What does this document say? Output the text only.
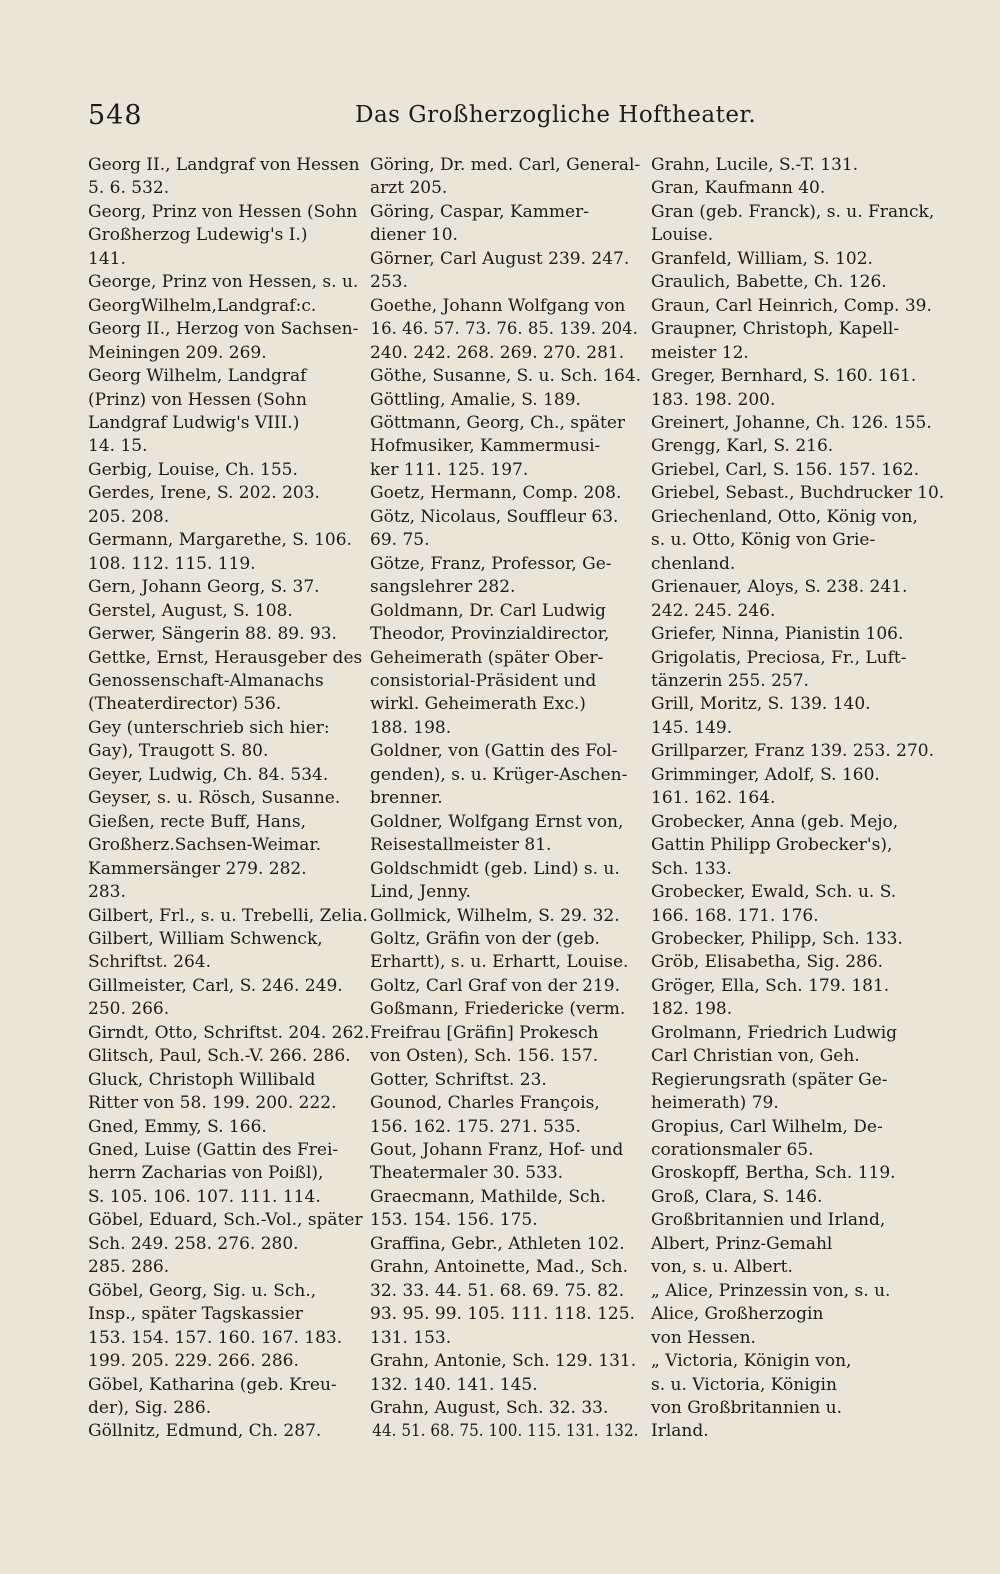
548	Das Großherzogliche Hoftheater.
Georg II., Landgraf von Hessen
5. 6. 532.
Georg, Prinz von Hessen (Sohn
Großherzog Ludewig's I.)
141.
George, Prinz von Hessen, s. u.
GeorgWilhelm,Landgraf:c.
Georg II., Herzog von Sachsen-
Meiningen 209. 269.
Georg Wilhelm, Landgraf
(Prinz) von Hessen (Sohn
Landgraf Ludwig's VIII.)
14. 15.
Gerbig, Louise, Ch. 155.
Gerdes, Irene, S. 202. 203.
205. 208.
Germann, Margarethe, S. 106.
108. 112. 115. 119.
Gern, Johann Georg, S. 37.
Gerstel, August, S. 108.
Gerwer, Sängerin 88. 89. 93.
Gettke, Ernst, Herausgeber des
Genossenschaft-Almanachs
(Theaterdirector) 536.
Gey (unterschrieb sich hier:
Gay), Traugott S. 80.
Geyer, Ludwig, Ch. 84. 534.
Geyser, s. u. Rösch, Susanne.
Gießen, recte Buff, Hans,
Großherz.Sachsen-Weimar.
Kammersänger 279. 282.
283.
Gilbert, Frl., s. u. Trebelli, Zelia.
Gilbert, William Schwenck,
Schriftst. 264.
Gillmeister, Carl, S. 246. 249.
250. 266.
Girndt, Otto, Schriftst. 204. 262.
Glitsch, Paul, Sch.-V. 266. 286.
Gluck, Christoph Willibald
Ritter von 58. 199. 200. 222.
Gned, Emmy, S. 166.
Gned, Luise (Gattin des Frei-
herrn Zacharias von Poißl),
S. 105. 106. 107. 111. 114.
Göbel, Eduard, Sch.-Vol., später
Sch. 249. 258. 276. 280.
285. 286.
Göbel, Georg, Sig. u. Sch.,
Insp., später Tagskassier
153. 154. 157. 160. 167. 183.
199. 205. 229. 266. 286.
Göbel, Katharina (geb. Kreu-
der), Sig. 286.
Göllnitz, Edmund, Ch. 287.
Göring, Dr. med. Carl, General-
arzt 205.
Göring, Caspar, Kammer-
diener 10.
Görner, Carl August 239. 247.
253.
Goethe, Johann Wolfgang von
16. 46. 57. 73. 76. 85. 139. 204.
240. 242. 268. 269. 270. 281.
Göthe, Susanne, S. u. Sch. 164.
Göttling, Amalie, S. 189.
Göttmann, Georg, Ch., später
Hofmusiker, Kammermusi-
ker 111. 125. 197.
Goetz, Hermann, Comp. 208.
Götz, Nicolaus, Souffleur 63.
69. 75.
Götze, Franz, Professor, Ge-
sangslehrer 282.
Goldmann, Dr. Carl Ludwig
Theodor, Provinzialdirector,
Geheimerath (später Ober-
consistorial-Präsident und
wirkl. Geheimerath Exc.)
188. 198.
Goldner, von (Gattin des Fol-
genden), s. u. Krüger-Aschen-
brenner.
Goldner, Wolfgang Ernst von,
Reisestallmeister 81.
Goldschmidt (geb. Lind) s. u.
Lind, Jenny.
Gollmick, Wilhelm, S. 29. 32.
Goltz, Gräfin von der (geb.
Erhartt), s. u. Erhartt, Louise.
Goltz, Carl Graf von der 219.
Goßmann, Friedericke (verm.
Freifrau [Gräfin] Prokesch
von Osten), Sch. 156. 157.
Gotter, Schriftst. 23.
Gounod, Charles François,
156. 162. 175. 271. 535.
Gout, Johann Franz, Hof- und
Theatermaler 30. 533.
Graecmann, Mathilde, Sch.
153. 154. 156. 175.
Graffina, Gebr., Athleten 102.
Grahn, Antoinette, Mad., Sch.
32. 33. 44. 51. 68. 69. 75. 82.
93. 95. 99. 105. 111. 118. 125.
131. 153.
Grahn, Antonie, Sch. 129. 131.
132. 140. 141. 145.
Grahn, August, Sch. 32. 33.
44. 51. 68. 75. 100. 115. 131. 132.
Grahn, Lucile, S.-T. 131.
Gran, Kaufmann 40.
Gran (geb. Franck), s. u. Franck,
Louise.
Granfeld, William, S. 102.
Graulich, Babette, Ch. 126.
Graun, Carl Heinrich, Comp. 39.
Graupner, Christoph, Kapell-
meister 12.
Greger, Bernhard, S. 160. 161.
183. 198. 200.
Greinert, Johanne, Ch. 126. 155.
Grengg, Karl, S. 216.
Griebel, Carl, S. 156. 157. 162.
Griebel, Sebast., Buchdrucker 10.
Griechenland, Otto, König von,
s. u. Otto, König von Grie-
chenland.
Grienauer, Aloys, S. 238. 241.
242. 245. 246.
Griefer, Ninna, Pianistin 106.
Grigolatis, Preciosa, Fr., Luft-
tänzerin 255. 257.
Grill, Moritz, S. 139. 140.
145. 149.
Grillparzer, Franz 139. 253. 270.
Grimminger, Adolf, S. 160.
161. 162. 164.
Grobecker, Anna (geb. Mejo,
Gattin Philipp Grobecker's),
Sch. 133.
Grobecker, Ewald, Sch. u. S.
166. 168. 171. 176.
Grobecker, Philipp, Sch. 133.
Gröb, Elisabetha, Sig. 286.
Gröger, Ella, Sch. 179. 181.
182. 198.
Grolmann, Friedrich Ludwig
Carl Christian von, Geh.
Regierungsrath (später Ge-
heimerath) 79.
Gropius, Carl Wilhelm, De-
corationsmaler 65.
Groskopff, Bertha, Sch. 119.
Groß, Clara, S. 146.
Großbritannien und Irland,
Albert, Prinz-Gemahl
von, s. u. Albert.
„ Alice, Prinzessin von, s. u.
Alice, Großherzogin
von Hessen.
„ Victoria, Königin von,
s. u. Victoria, Königin
von Großbritannien u.
Irland.
